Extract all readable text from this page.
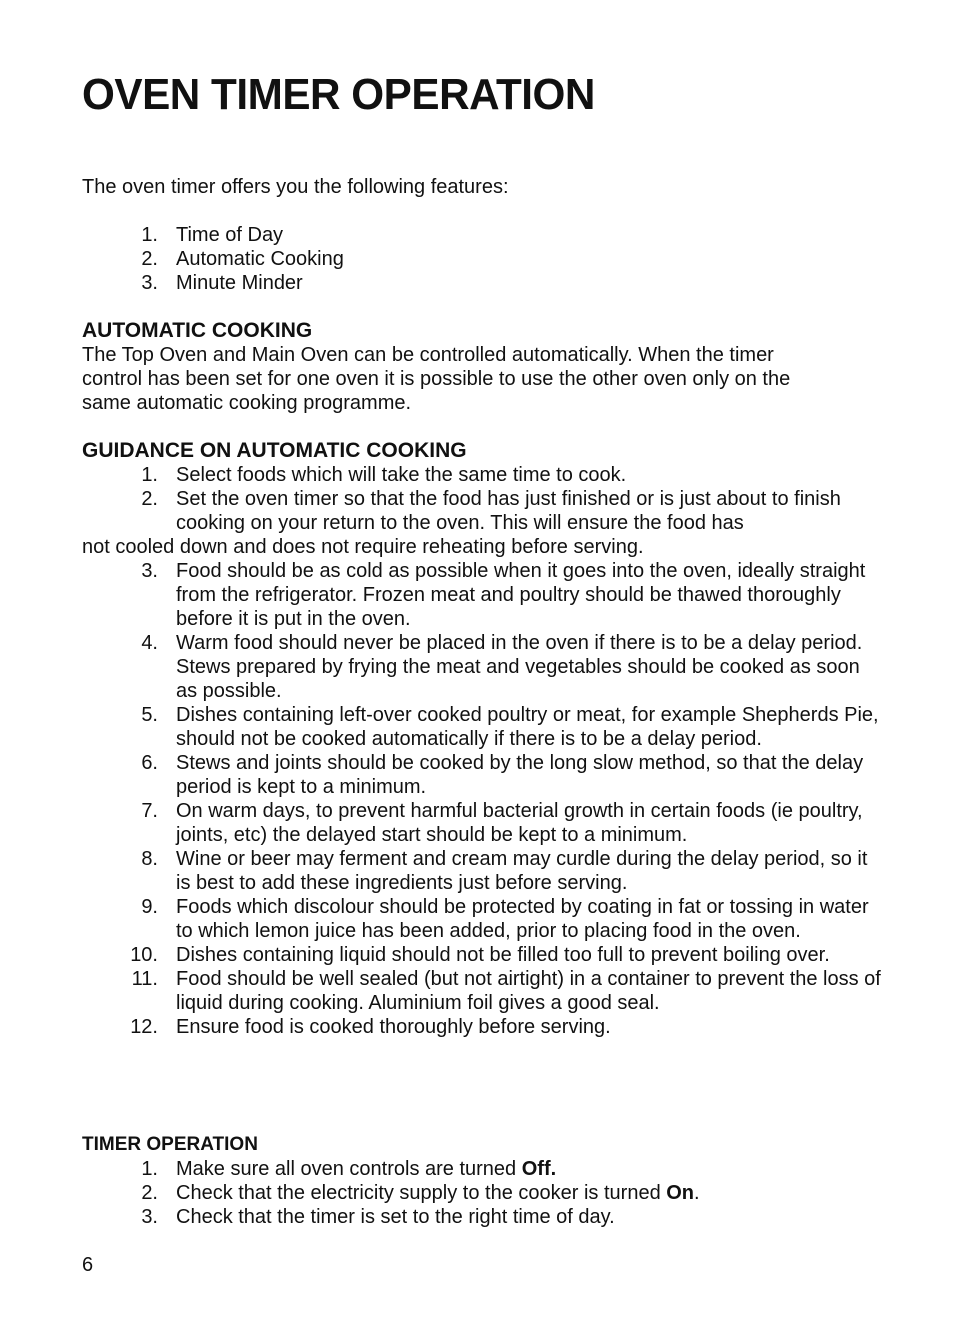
OVEN TIMER OPERATION
The oven timer offers you the following features:
1. Time of Day
2. Automatic Cooking
3. Minute Minder
AUTOMATIC COOKING
The Top Oven and Main Oven can be controlled automatically. When the timer control has been set for one oven it is possible to use the other oven only on the same automatic cooking programme.
GUIDANCE ON AUTOMATIC COOKING
1. Select foods which will take the same time to cook.
2. Set the oven timer so that the food has just finished or is just about to finish cooking on your return to the oven. This will ensure the food has
not cooled down and does not require reheating before serving.
3. Food should be as cold as possible when it goes into the oven, ideally straight from the refrigerator. Frozen meat and poultry should be thawed thoroughly before it is put in the oven.
4. Warm food should never be placed in the oven if there is to be a delay period. Stews prepared by frying the meat and vegetables should be cooked as soon as possible.
5. Dishes containing left-over cooked poultry or meat, for example Shepherds Pie, should not be cooked automatically if there is to be a delay period.
6. Stews and joints should be cooked by the long slow method, so that the delay period is kept to a minimum.
7. On warm days, to prevent harmful bacterial growth in certain foods (ie poultry, joints, etc) the delayed start should be kept to a minimum.
8. Wine or beer may ferment and cream may curdle during the delay period, so it is best to add these ingredients just before serving.
9. Foods which discolour should be protected by coating in fat or tossing in water to which lemon juice has been added, prior to placing food in the oven.
10. Dishes containing liquid should not be filled too full to prevent boiling over.
11. Food should be well sealed (but not airtight) in a container to prevent the loss of liquid during cooking. Aluminium foil gives a good seal.
12. Ensure food is cooked thoroughly before serving.
TIMER OPERATION
1. Make sure all oven controls are turned Off.
2. Check that the electricity supply to the cooker is turned On.
3. Check that the timer is set to the right time of day.
6
